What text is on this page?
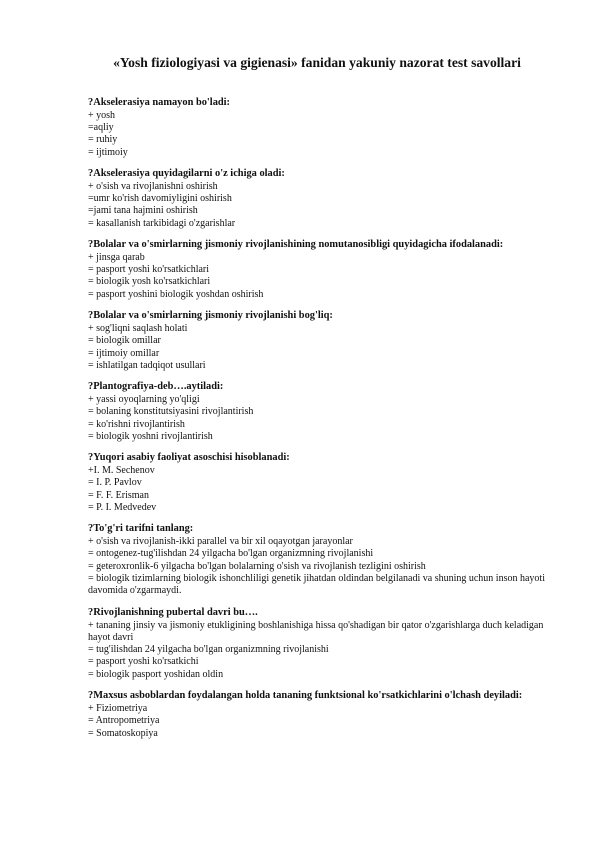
«Yosh fiziologiyasi va gigienasi» fanidan yakuniy nazorat test savollari
?Akselerasiya namayon bo'ladi:
+ yosh
=aqliy
= ruhiy
= ijtimoiy
?Akselerasiya quyidagilarni o'z ichiga oladi:
+ o'sish va rivojlanishni oshirish
=umr ko'rish davomiyligini oshirish
=jami tana hajmini oshirish
= kasallanish tarkibidagi o'zgarishlar
?Bolalar va o'smirlarning jismoniy rivojlanishining nomutanosibligi quyidagicha ifodalanadi:
+ jinsga qarab
= pasport yoshi ko'rsatkichlari
= biologik yosh ko'rsatkichlari
= pasport yoshini biologik yoshdan oshirish
?Bolalar va o'smirlarning jismoniy rivojlanishi bog'liq:
+ sog'liqni saqlash holati
= biologik omillar
= ijtimoiy omillar
= ishlatilgan tadqiqot usullari
?Plantografiya-deb….aytiladi:
+ yassi oyoqlarning yo'qligi
= bolaning konstitutsiyasini rivojlantirish
= ko'rishni rivojlantirish
= biologik yoshni rivojlantirish
?Yuqori asabiy faoliyat asoschisi hisoblanadi:
+I. M. Sechenov
= I. P. Pavlov
= F. F. Erisman
= P. I. Medvedev
?To'g'ri tarifni tanlang:
+ o'sish va rivojlanish-ikki parallel va bir xil oqayotgan jarayonlar
= ontogenez-tug'ilishdan 24 yilgacha bo'lgan organizmning rivojlanishi
= geteroxronlik-6 yilgacha bo'lgan bolalarning o'sish va rivojlanish tezligini oshirish
= biologik tizimlarning biologik ishonchliligi genetik jihatdan oldindan belgilanadi va shuning uchun inson hayoti davomida o'zgarmaydi.
?Rivojlanishning pubertal davri bu….
+ tananing jinsiy va jismoniy etukligining boshlanishiga hissa qo'shadigan bir qator o'zgarishlarga duch keladigan hayot davri
= tug'ilishdan 24 yilgacha bo'lgan organizmning rivojlanishi
= pasport yoshi ko'rsatkichi
= biologik pasport yoshidan oldin
?Maxsus asboblardan foydalangan holda tananing funktsional ko'rsatkichlarini o'lchash deyiladi:
+ Fiziometriya
= Antropometriya
= Somatoskopiya
